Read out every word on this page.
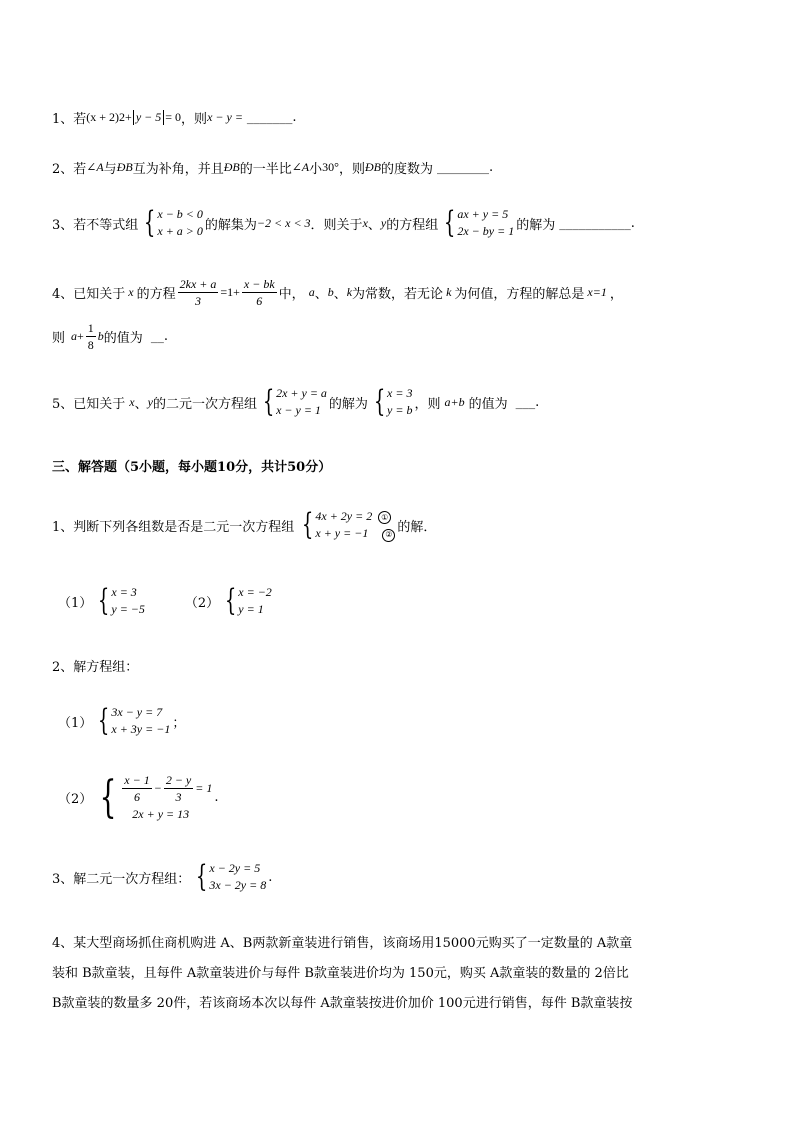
1、若 (x + 2) 2 + y − 5 = 0 ，则 x − y = _______ .
2、若 ∠A 与 ÐB 互为补角，并且 ÐB 的一半比 ∠A 小 30° ，则 ÐB 的度数为 ________ .
3、若不等式组 { x − b < 0
x + a > 0 的解集为 −2 < x < 3 ．则关于 x 、 y 的方程组 { ax + y = 5
2x − by = 1 的解为 ___________ .
4、已知关于 x 的方程 $\frac{2kx + a}{3} =1+ \frac{x - bk}{6}$ 中， a 、 b 、 k 为常数，若无论 k 为何值，方程的解总是 x=1 ，
则 $a + \frac{1}{8}$ b 的值为 __ .
5、已知关于 x 、 y 的二元一次方程组 { 2x + y = a
x − y = 1 的解为 { x = 3
y = b ，则 a+b 的值为 ___ .
三、解答题（5小题，每小题10分，共计50分）
1、判断下列各组数是否是二元一次方程组 { 4x + 2y = 2 ①
x + y = −1 ② 的解．
（1） { x = 3
y = −5	（2） { x = −2
y = 1
2、解方程组：
（1） { 3x − y = 7
x + 3y = −1 ；
（2） { $\frac{x - 1}{6} - \frac{2 - y}{3} = 1$
2x + y = 13
.
3、解二元一次方程组： { x − 2y = 5
3x − 2y = 8
.
4、某大型商场抓住商机购进 A、B两款新童装进行销售，该商场用15000元购买了一定数量的 A款童
装和 B款童装，且每件 A款童装进价与每件 B款童装进价均为 150元，购买 A款童装的数量的 2倍比
B款童装的数量多 20件，若该商场本次以每件 A款童装按进价加价 100元进行销售，每件 B款童装按
